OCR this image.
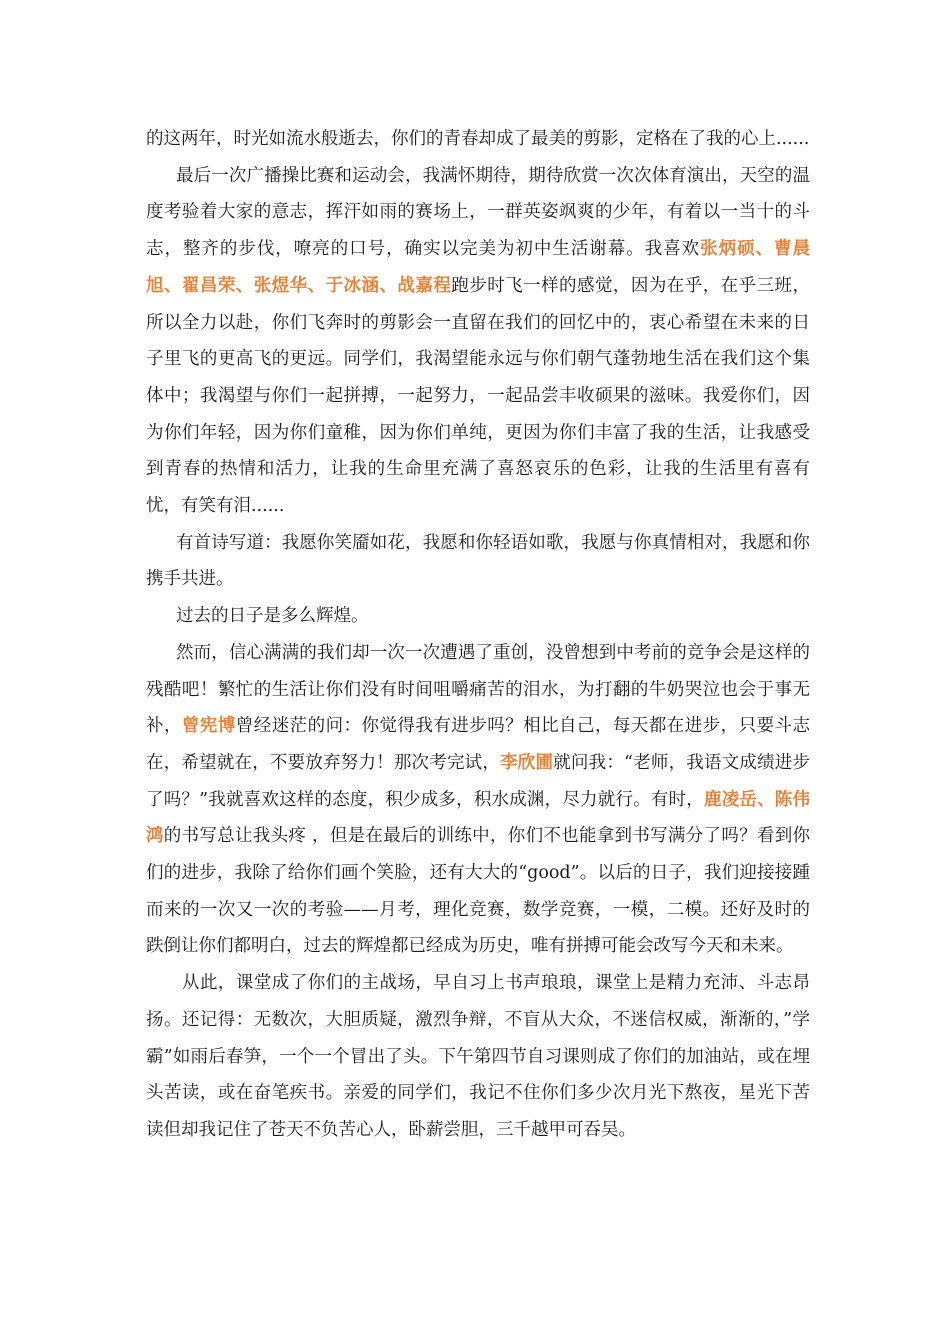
的这两年，时光如流水般逝去，你们的青春却成了最美的剪影，定格在了我的心上......

最后一次广播操比赛和运动会，我满怀期待，期待欣赏一次次体育演出，天空的温度考验着大家的意志，挥汗如雨的赛场上，一群英姿飒爽的少年，有着以一当十的斗志，整齐的步伐，嘹亮的口号，确实以完美为初中生活谢幕。我喜欢张炳硕、曹晨旭、翟昌荣、张煜华、于冰涵、战嘉程跑步时飞一样的感觉，因为在乎，在乎三班，所以全力以赴，你们飞奔时的剪影会一直留在我们的回忆中的，衷心希望在未来的日子里飞的更高飞的更远。同学们，我渴望能永远与你们朝气蓬勃地生活在我们这个集体中；我渴望与你们一起拼搏，一起努力，一起品尝丰收硕果的滋味。我爱你们，因为你们年轻，因为你们童稚，因为你们单纯，更因为你们丰富了我的生活，让我感受到青春的热情和活力，让我的生命里充满了喜怒哀乐的色彩，让我的生活里有喜有忧，有笑有泪......

有首诗写道：我愿你笑靥如花，我愿和你轻语如歌，我愿与你真情相对，我愿和你携手共进。

过去的日子是多么辉煌。

然而，信心满满的我们却一次一次遭遇了重创，没曾想到中考前的竞争会是这样的残酷吧！繁忙的生活让你们没有时间咀嚼痛苦的泪水，为打翻的牛奶哭泣也会于事无补，曾宪博曾经迷茫的问：你觉得我有进步吗？相比自己，每天都在进步，只要斗志在，希望就在，不要放弃努力！那次考完试，李欣圃就问我：“老师，我语文成绩进步了吗？”我就喜欢这样的态度，积少成多，积水成渊，尽力就行。有时，鹿凌岳、陈伟鸿的书写总让我头疼 ，但是在最后的训练中，你们不也能拿到书写满分了吗？看到你们的进步，我除了给你们画个笑脸，还有大大的“good”。以后的日子，我们迎接接踵而来的一次又一次的考验——月考，理化竞赛，数学竞赛，一模，二模。还好及时的跌倒让你们都明白，过去的辉煌都已经成为历史，唯有拼搏可能会改写今天和未来。

从此，课堂成了你们的主战场，早自习上书声琅琅，课堂上是精力充沛、斗志昂扬。还记得：无数次，大胆质疑，激烈争辩，不盲从大众，不迷信权威，渐渐的，”学霸”如雨后春笋，一个一个冒出了头。下午第四节自习课则成了你们的加油站，或在埋头苦读，或在奋笔疾书。亲爱的同学们，我记不住你们多少次月光下熬夜，星光下苦读但却我记住了苍天不负苦心人，卧薪尝胆，三千越甲可吞吴。
